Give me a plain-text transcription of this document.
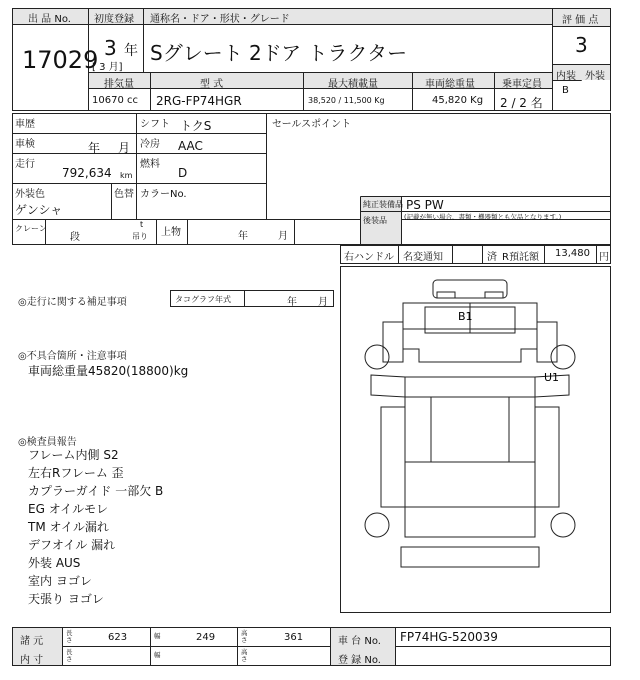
出 品 No.
17029
初度登録
3 年
[ 3 月]
通称名・ドア・形状・グレード
Sグレート 2ドア トラクター
評 価 点
3
内装 外装
B
排気量
10670 cc
型 式
2RG-FP74HGR
最大積載量
38,520 / 11,500 Kg
車両総重量
45,820 Kg
乗車定員
2 / 2 名
車歴	シフト トクS
車検	年 月 冷房 AAC
走行
792,634 km
燃料
D
外装色
ゲンシャ
色替 カラーNo.
セールスポイント
純正装備品 PS PW
後装品	(記載が無い場合、書類・機器類とも欠品となります。)
クレーン
段
t
吊り 上物	年	月
右ハンドル 名変通知	済 R預託額 13,480 円
◎走行に関する補足事項	タコグラフ年式	年 月
◎不具合箇所・注意事項
車両総重量45820(18800)kg
◎検査員報告
フレーム内側 S2
左右Rフレーム 歪
カプラーガイド 一部欠 B
EG オイルモレ
TM オイル漏れ
デフオイル 漏れ
外装 AUS
室内 ヨゴレ
天張り ヨゴレ
B1
U1
諸 元
長さ	623	幅	249	高さ	361	車 台 No. FP74HG-520039
内 寸
長さ	幅	高さ	登 録 No.
